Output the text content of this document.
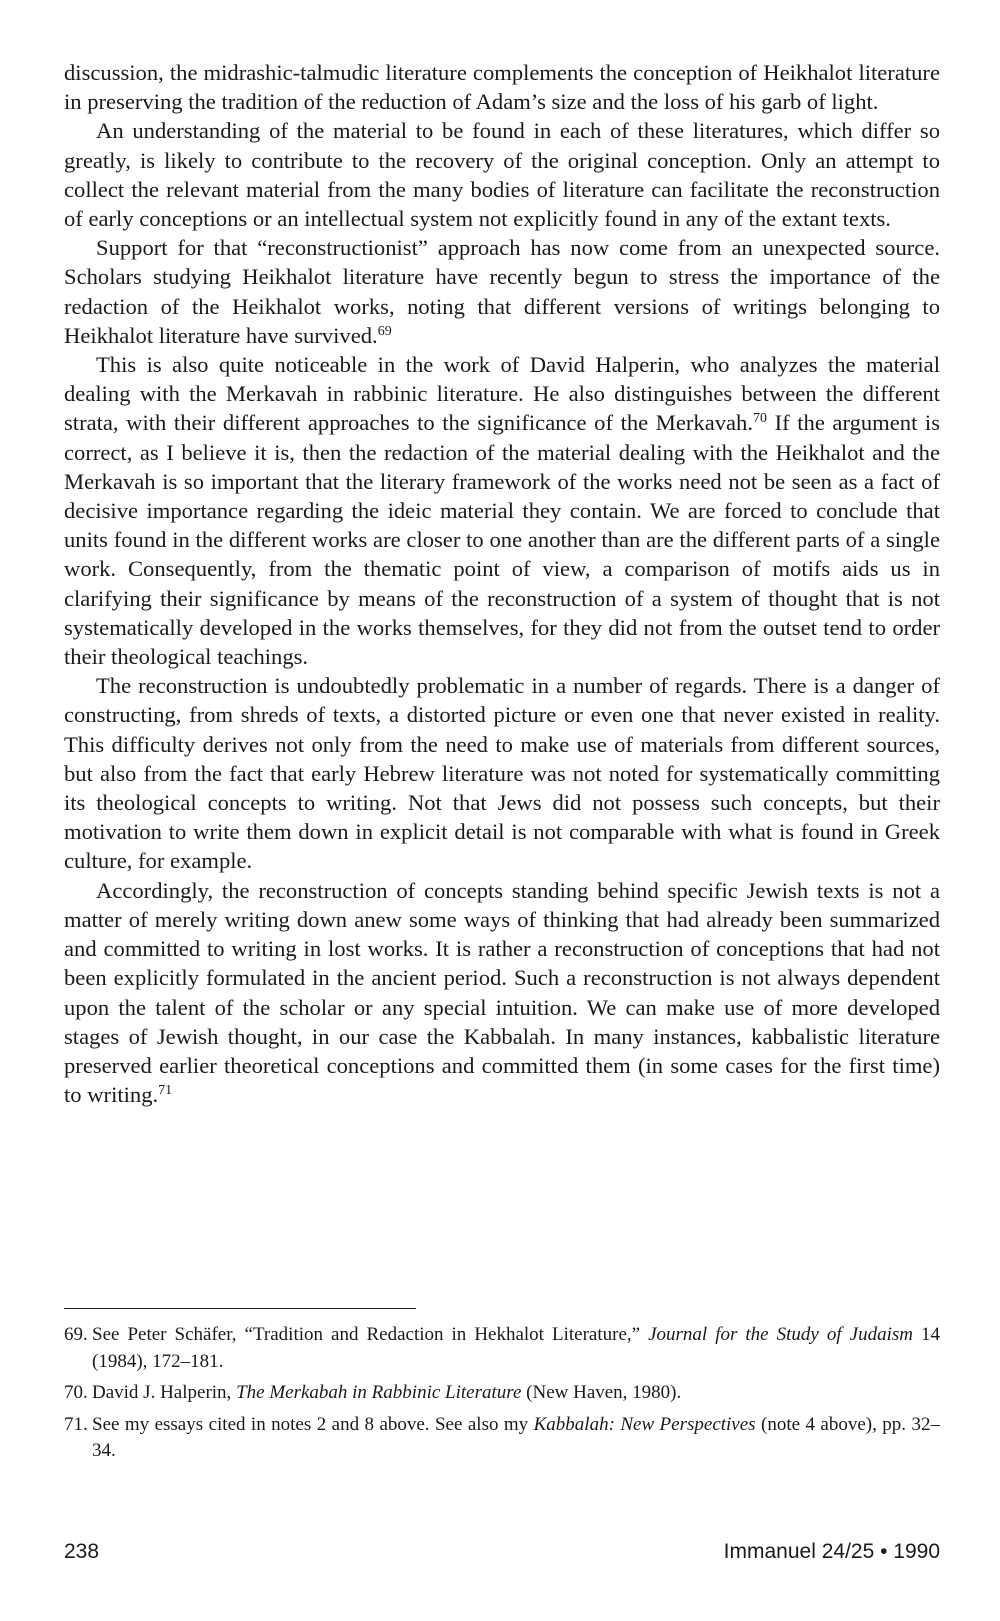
discussion, the midrashic-talmudic literature complements the conception of Heikhalot literature in preserving the tradition of the reduction of Adam’s size and the loss of his garb of light.

An understanding of the material to be found in each of these literatures, which differ so greatly, is likely to contribute to the recovery of the original conception. Only an attempt to collect the relevant material from the many bodies of literature can facilitate the reconstruction of early conceptions or an intellectual system not explicitly found in any of the extant texts.

Support for that “reconstructionist” approach has now come from an unexpected source. Scholars studying Heikhalot literature have recently begun to stress the importance of the redaction of the Heikhalot works, noting that different versions of writings belonging to Heikhalot literature have survived.$^{69}$

This is also quite noticeable in the work of David Halperin, who analyzes the material dealing with the Merkavah in rabbinic literature. He also distinguishes between the different strata, with their different approaches to the significance of the Merkavah.$^{70}$ If the argument is correct, as I believe it is, then the redaction of the material dealing with the Heikhalot and the Merkavah is so important that the literary framework of the works need not be seen as a fact of decisive importance regarding the ideic material they contain. We are forced to conclude that units found in the different works are closer to one another than are the different parts of a single work. Consequently, from the thematic point of view, a comparison of motifs aids us in clarifying their significance by means of the reconstruction of a system of thought that is not systematically developed in the works themselves, for they did not from the outset tend to order their theological teachings.

The reconstruction is undoubtedly problematic in a number of regards. There is a danger of constructing, from shreds of texts, a distorted picture or even one that never existed in reality. This difficulty derives not only from the need to make use of materials from different sources, but also from the fact that early Hebrew literature was not noted for systematically committing its theological concepts to writing. Not that Jews did not possess such concepts, but their motivation to write them down in explicit detail is not comparable with what is found in Greek culture, for example.

Accordingly, the reconstruction of concepts standing behind specific Jewish texts is not a matter of merely writing down anew some ways of thinking that had already been summarized and committed to writing in lost works. It is rather a reconstruction of conceptions that had not been explicitly formulated in the ancient period. Such a reconstruction is not always dependent upon the talent of the scholar or any special intuition. We can make use of more developed stages of Jewish thought, in our case the Kabbalah. In many instances, kabbalistic literature preserved earlier theoretical conceptions and committed them (in some cases for the first time) to writing.$^{71}$

69. See Peter Schäfer, “Tradition and Redaction in Hekhalot Literature,” Journal for the Study of Judaism 14 (1984), 172–181.
70. David J. Halperin, The Merkabah in Rabbinic Literature (New Haven, 1980).
71. See my essays cited in notes 2 and 8 above. See also my Kabbalah: New Perspectives (note 4 above), pp. 32–34.
238	Immanuel 24/25 • 1990
